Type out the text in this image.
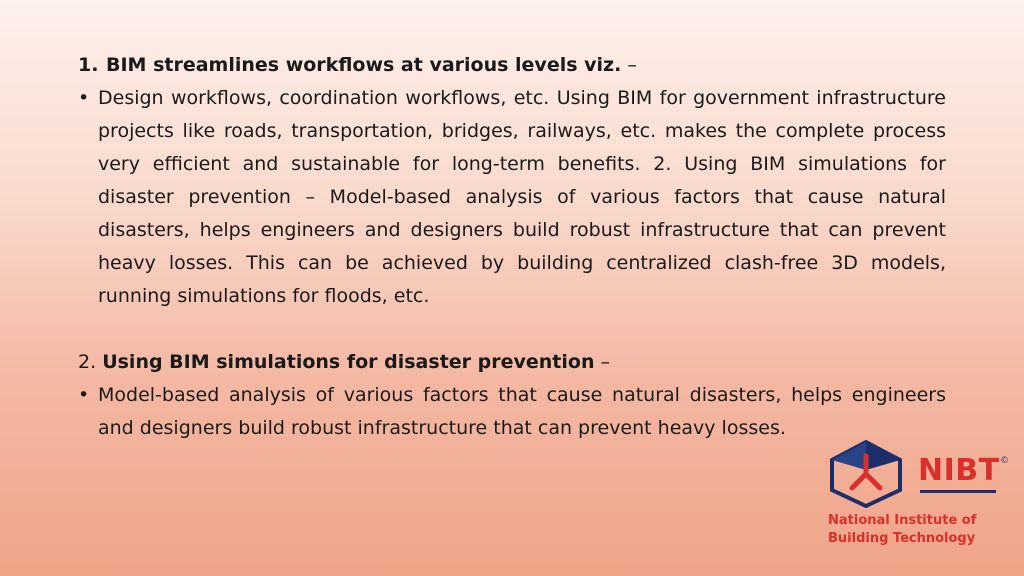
1. BIM streamlines workflows at various levels viz. –

• Design workflows, coordination workflows, etc. Using BIM for government infrastructure projects like roads, transportation, bridges, railways, etc. makes the complete process very efficient and sustainable for long-term benefits. 2. Using BIM simulations for disaster prevention – Model-based analysis of various factors that cause natural disasters, helps engineers and designers build robust infrastructure that can prevent heavy losses. This can be achieved by building centralized clash-free 3D models, running simulations for floods, etc.

2. Using BIM simulations for disaster prevention –

• Model-based analysis of various factors that cause natural disasters, helps engineers and designers build robust infrastructure that can prevent heavy losses.
NIBT ©
National Institute of
Building Technology
